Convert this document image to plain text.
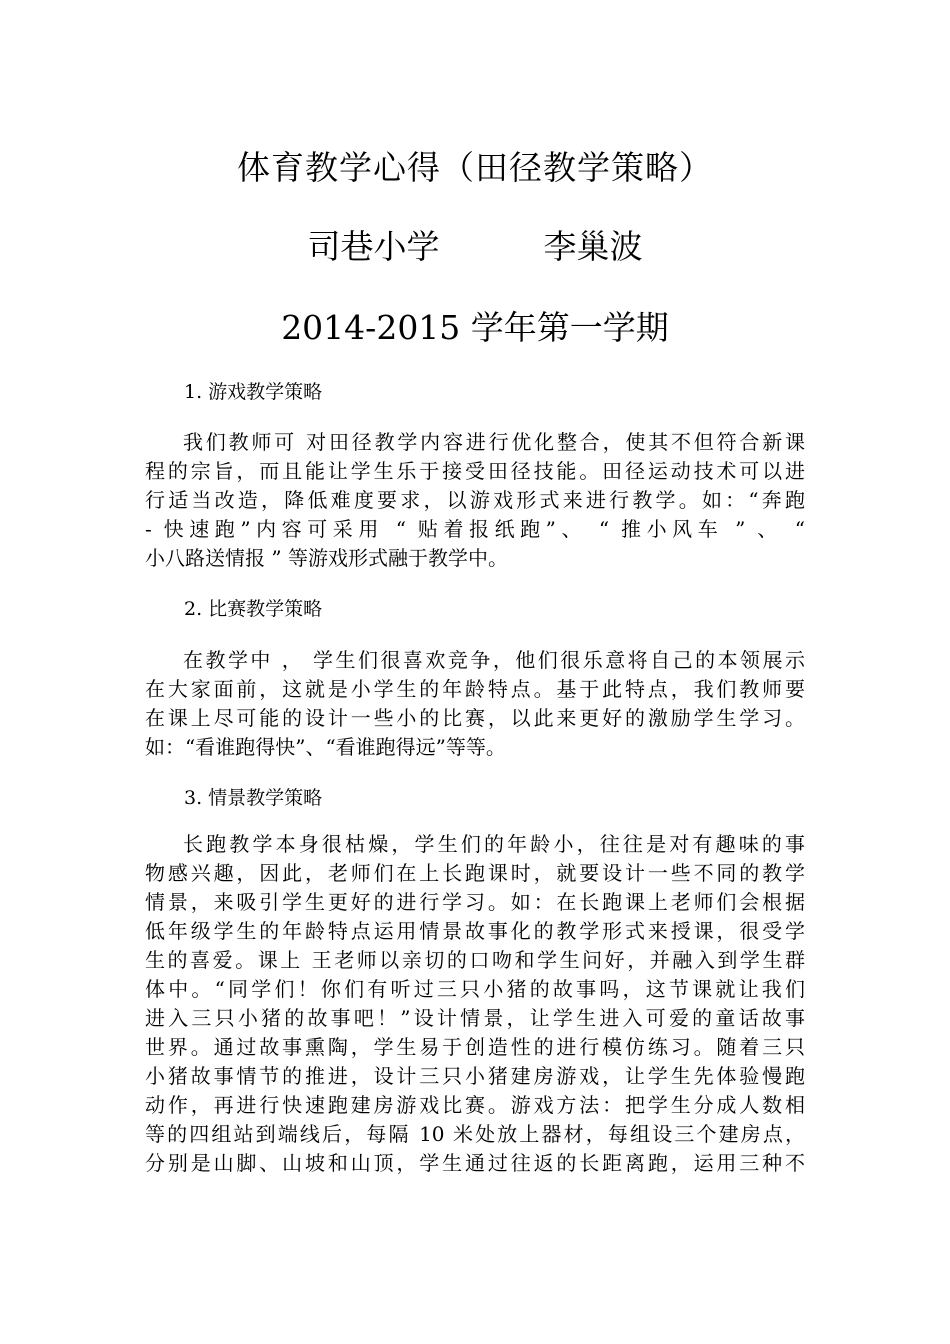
体育教学心得（田径教学策略）
司巷小学	李巢波
2014-2015 学年第一学期
1. 游戏教学策略
我们教师可 对田径教学内容进行优化整合，使其不但符合新课
程的宗旨，而且能让学生乐于接受田径技能。田径运动技术可以进
行适当改造，降低难度要求，以游戏形式来进行教学。如：“奔跑
- 快速跑”内容可采用 “ 贴着报纸跑”、 “ 推小风车 ” 、 “
小八路送情报 ” 等游戏形式融于教学中。
2. 比赛教学策略
在教学中 ， 学生们很喜欢竞争，他们很乐意将自己的本领展示
在大家面前，这就是小学生的年龄特点。基于此特点，我们教师要
在课上尽可能的设计一些小的比赛，以此来更好的激励学生学习。
如：“看谁跑得快”、“看谁跑得远”等等。
3. 情景教学策略
长跑教学本身很枯燥，学生们的年龄小，往往是对有趣味的事
物感兴趣，因此，老师们在上长跑课时，就要设计一些不同的教学
情景，来吸引学生更好的进行学习。如：在长跑课上老师们会根据
低年级学生的年龄特点运用情景故事化的教学形式来授课，很受学
生的喜爱。课上 王老师以亲切的口吻和学生问好，并融入到学生群
体中。“同学们！你们有听过三只小猪的故事吗，这节课就让我们
进入三只小猪的故事吧！”设计情景，让学生进入可爱的童话故事
世界。通过故事熏陶，学生易于创造性的进行模仿练习。随着三只
小猪故事情节的推进，设计三只小猪建房游戏，让学生先体验慢跑
动作，再进行快速跑建房游戏比赛。游戏方法：把学生分成人数相
等的四组站到端线后，每隔 10 米处放上器材，每组设三个建房点，
分别是山脚、山坡和山顶，学生通过往返的长距离跑，运用三种不
